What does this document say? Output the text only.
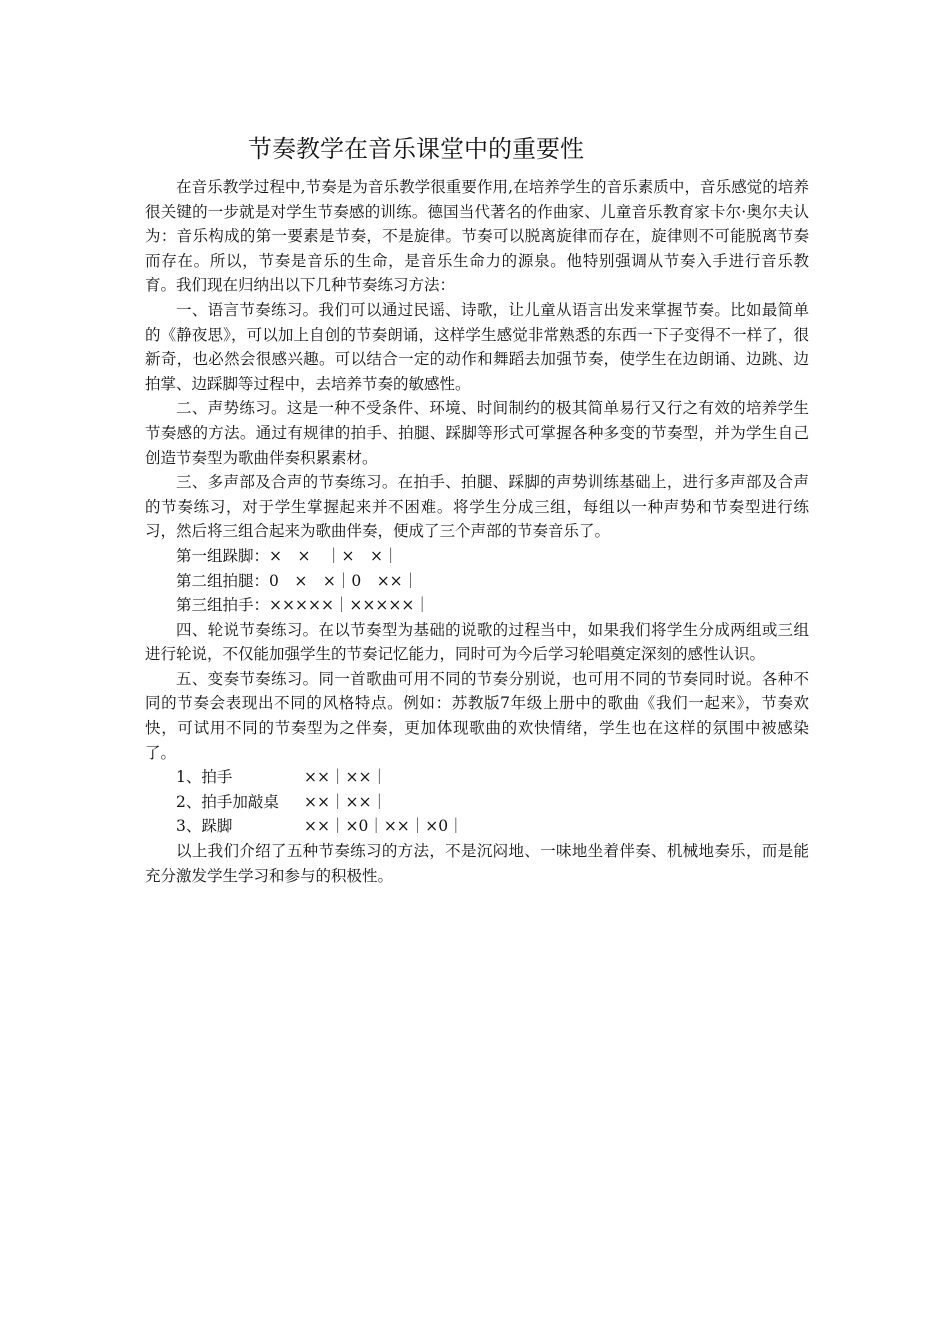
节奏教学在音乐课堂中的重要性

在音乐教学过程中,节奏是为音乐教学很重要作用,在培养学生的音乐素质中，音乐感觉的培养很关键的一步就是对学生节奏感的训练。德国当代著名的作曲家、儿童音乐教育家卡尔·奥尔夫认为：音乐构成的第一要素是节奏，不是旋律。节奏可以脱离旋律而存在，旋律则不可能脱离节奏而存在。所以，节奏是音乐的生命，是音乐生命力的源泉。他特别强调从节奏入手进行音乐教育。我们现在归纳出以下几种节奏练习方法：

一、语言节奏练习。我们可以通过民谣、诗歌，让儿童从语言出发来掌握节奏。比如最简单的《静夜思》，可以加上自创的节奏朗诵，这样学生感觉非常熟悉的东西一下子变得不一样了，很新奇，也必然会很感兴趣。可以结合一定的动作和舞蹈去加强节奏，使学生在边朗诵、边跳、边拍掌、边踩脚等过程中，去培养节奏的敏感性。

二、声势练习。这是一种不受条件、环境、时间制约的极其简单易行又行之有效的培养学生节奏感的方法。通过有规律的拍手、拍腿、踩脚等形式可掌握各种多变的节奏型，并为学生自己创造节奏型为歌曲伴奏积累素材。

三、多声部及合声的节奏练习。在拍手、拍腿、踩脚的声势训练基础上，进行多声部及合声的节奏练习，对于学生掌握起来并不困难。将学生分成三组，每组以一种声势和节奏型进行练习，然后将三组合起来为歌曲伴奏，便成了三个声部的节奏音乐了。

第一组跺脚：×　×　｜×　×｜

第二组拍腿：0　×　×｜0　××｜

第三组拍手：×××××｜×××××｜

四、轮说节奏练习。在以节奏型为基础的说歌的过程当中，如果我们将学生分成两组或三组进行轮说，不仅能加强学生的节奏记忆能力，同时可为今后学习轮唱奠定深刻的感性认识。

五、变奏节奏练习。同一首歌曲可用不同的节奏分别说，也可用不同的节奏同时说。各种不同的节奏会表现出不同的风格特点。例如：苏教版7年级上册中的歌曲《我们一起来》，节奏欢快，可试用不同的节奏型为之伴奏，更加体现歌曲的欢快情绪，学生也在这样的氛围中被感染了。

1、拍手	××｜××｜

2、拍手加敲桌 ××｜××｜

3、跺脚	××｜×0｜××｜×0｜

以上我们介绍了五种节奏练习的方法，不是沉闷地、一味地坐着伴奏、机械地奏乐，而是能充分激发学生学习和参与的积极性。
